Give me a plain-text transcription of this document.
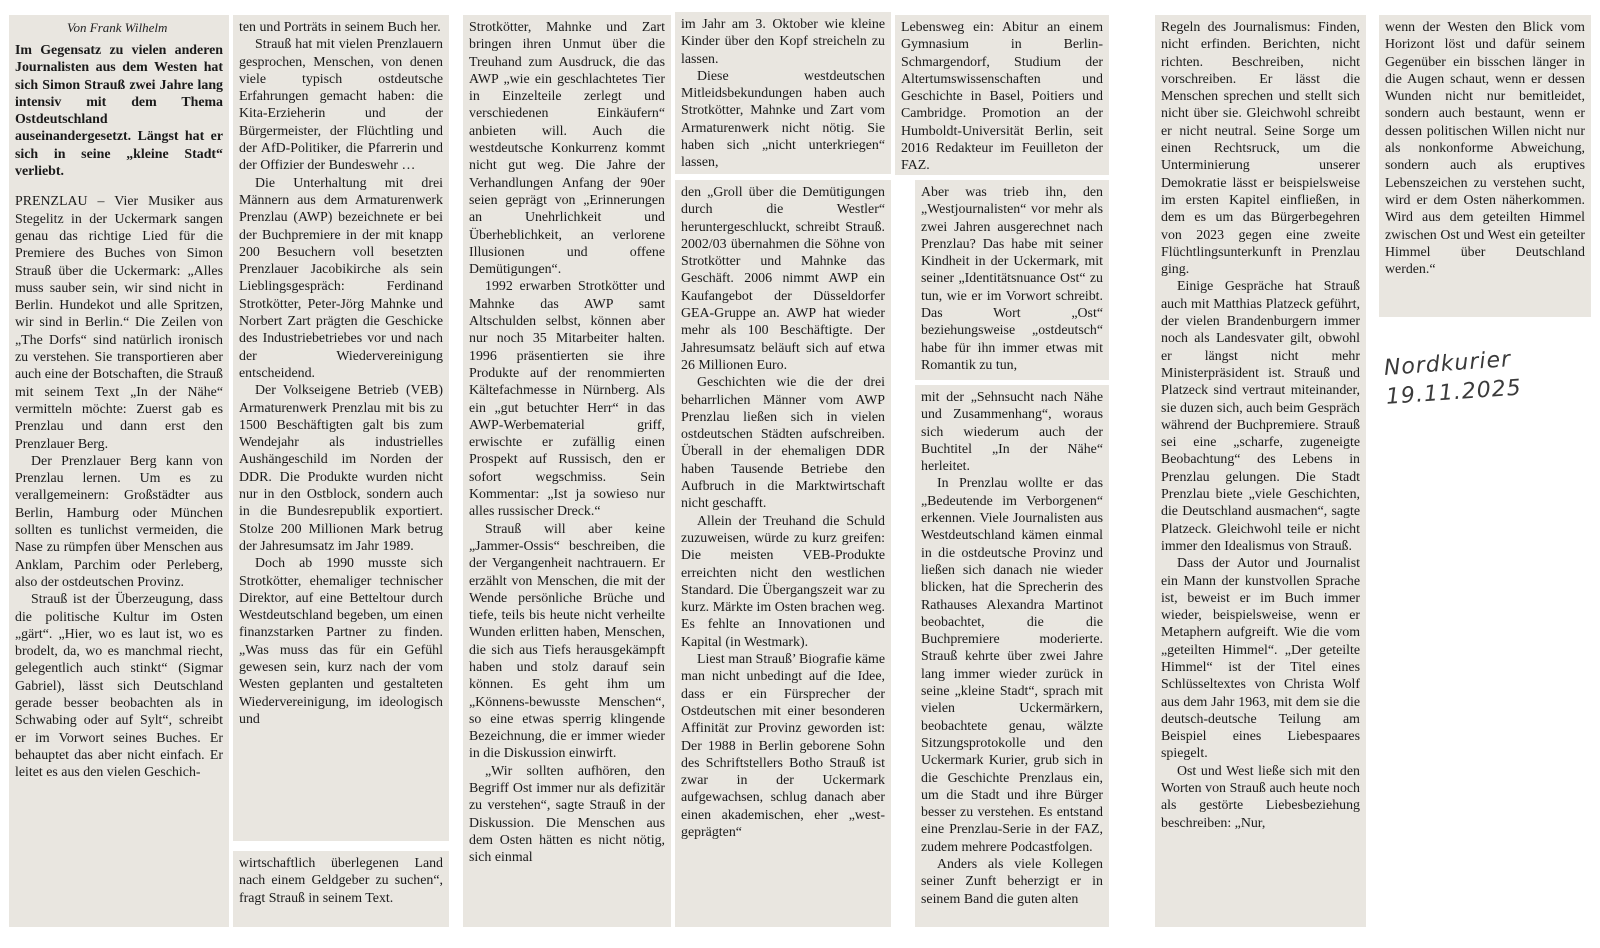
Von Frank Wilhelm
Im Gegensatz zu vielen anderen Journalisten aus dem Westen hat sich Simon Strauß zwei Jahre lang intensiv mit dem Thema Ostdeutschland auseinandergesetzt. Längst hat er sich in seine „kleine Stadt“ verliebt.

PRENZLAU – Vier Musiker aus Stegelitz in der Uckermark sangen genau das richtige Lied für die Premiere des Buches von Simon Strauß über die Uckermark: „Alles muss sauber sein, wir sind nicht in Berlin. Hundekot und alle Spritzen, wir sind in Berlin.“ Die Zeilen von „The Dorfs“ sind natürlich ironisch zu verstehen. Sie transportieren aber auch eine der Botschaften, die Strauß mit seinem Text „In der Nähe“ vermitteln möchte: Zuerst gab es Prenzlau und dann erst den Prenzlauer Berg.

Der Prenzlauer Berg kann von Prenzlau lernen. Um es zu verallgemeinern: Großstädter aus Berlin, Hamburg oder München sollten es tunlichst vermeiden, die Nase zu rümpfen über Menschen aus Anklam, Parchim oder Perleberg, also der ostdeutschen Provinz.

Strauß ist der Überzeugung, dass die politische Kultur im Osten „gärt“. „Hier, wo es laut ist, wo es brodelt, da, wo es manchmal riecht, gelegentlich auch stinkt“ (Sigmar Gabriel), lässt sich Deutschland gerade besser beobachten als in Schwabing oder auf Sylt“, schreibt er im Vorwort seines Buches. Er behauptet das aber nicht einfach. Er leitet es aus den vielen Geschich-

ten und Porträts in seinem Buch her.

Strauß hat mit vielen Prenzlauern gesprochen, Menschen, von denen viele typisch ostdeutsche Erfahrungen gemacht haben: die Kita-Erzieherin und der Bürgermeister, der Flüchtling und der AfD-Politiker, die Pfarrerin und der Offizier der Bundeswehr …

Die Unterhaltung mit drei Männern aus dem Armaturenwerk Prenzlau (AWP) bezeichnete er bei der Buchpremiere in der mit knapp 200 Besuchern voll besetzten Prenzlauer Jacobikirche als sein Lieblingsgespräch: Ferdinand Strotkötter, Peter-Jörg Mahnke und Norbert Zart prägten die Geschicke des Industriebetriebes vor und nach der Wiedervereinigung entscheidend.

Der Volkseigene Betrieb (VEB) Armaturenwerk Prenzlau mit bis zu 1500 Beschäftigten galt bis zum Wendejahr als industrielles Aushängeschild im Norden der DDR. Die Produkte wurden nicht nur in den Ostblock, sondern auch in die Bundesrepublik exportiert. Stolze 200 Millionen Mark betrug der Jahresumsatz im Jahr 1989.

Doch ab 1990 musste sich Strotkötter, ehemaliger technischer Direktor, auf eine Betteltour durch Westdeutschland begeben, um einen finanzstarken Partner zu finden. „Was muss das für ein Gefühl gewesen sein, kurz nach der vom Westen geplanten und gestalteten Wiedervereinigung, im ideologisch und

wirtschaftlich überlegenen Land nach einem Geldgeber zu suchen“, fragt Strauß in seinem Text.

Strotkötter, Mahnke und Zart bringen ihren Unmut über die Treuhand zum Ausdruck, die das AWP „wie ein geschlachtetes Tier in Einzelteile zerlegt und verschiedenen Einkäufern“ anbieten will. Auch die westdeutsche Konkurrenz kommt nicht gut weg. Die Jahre der Verhandlungen Anfang der 90er seien geprägt von „Erinnerungen an Unehrlichkeit und Überheblichkeit, an verlorene Illusionen und offene Demütigungen“.

1992 erwarben Strotkötter und Mahnke das AWP samt Altschulden selbst, können aber nur noch 35 Mitarbeiter halten. 1996 präsentierten sie ihre Produkte auf der renommierten Kältefachmesse in Nürnberg. Als ein „gut betuchter Herr“ in das AWP-Werbematerial griff, erwischte er zufällig einen Prospekt auf Russisch, den er sofort wegschmiss. Sein Kommentar: „Ist ja sowieso nur alles russischer Dreck.“

Strauß will aber keine „Jammer-Ossis“ beschreiben, die der Vergangenheit nachtrauern. Er erzählt von Menschen, die mit der Wende persönliche Brüche und tiefe, teils bis heute nicht verheilte Wunden erlitten haben, Menschen, die sich aus Tiefs herausgekämpft haben und stolz darauf sein können. Es geht ihm um „Könnens-bewusste Menschen“, so eine etwas sperrig klingende Bezeichnung, die er immer wieder in die Diskussion einwirft.

„Wir sollten aufhören, den Begriff Ost immer nur als defizitär zu verstehen“, sagte Strauß in der Diskussion. Die Menschen aus dem Osten hätten es nicht nötig, sich einmal

im Jahr am 3. Oktober wie kleine Kinder über den Kopf streicheln zu lassen.

Diese westdeutschen Mitleidsbekundungen haben auch Strotkötter, Mahnke und Zart vom Armaturenwerk nicht nötig. Sie haben sich „nicht unterkriegen“ lassen,

den „Groll über die Demütigungen durch die Westler“ heruntergeschluckt, schreibt Strauß. 2002/03 übernahmen die Söhne von Strotkötter und Mahnke das Geschäft. 2006 nimmt AWP ein Kaufangebot der Düsseldorfer GEA-Gruppe an. AWP hat wieder mehr als 100 Beschäftigte. Der Jahresumsatz beläuft sich auf etwa 26 Millionen Euro.

Geschichten wie die der drei beharrlichen Männer vom AWP Prenzlau ließen sich in vielen ostdeutschen Städten aufschreiben. Überall in der ehemaligen DDR haben Tausende Betriebe den Aufbruch in die Marktwirtschaft nicht geschafft.

Allein der Treuhand die Schuld zuzuweisen, würde zu kurz greifen: Die meisten VEB-Produkte erreichten nicht den westlichen Standard. Die Übergangszeit war zu kurz. Märkte im Osten brachen weg. Es fehlte an Innovationen und Kapital (in Westmark).

Liest man Strauß’ Biografie käme man nicht unbedingt auf die Idee, dass er ein Fürsprecher der Ostdeutschen mit einer besonderen Affinität zur Provinz geworden ist: Der 1988 in Berlin geborene Sohn des Schriftstellers Botho Strauß ist zwar in der Uckermark aufgewachsen, schlug danach aber einen akademischen, eher „west-geprägten“

Lebensweg ein: Abitur an einem Gymnasium in Berlin-Schmargendorf, Studium der Altertumswissenschaften und Geschichte in Basel, Poitiers und Cambridge. Promotion an der Humboldt-Universität Berlin, seit 2016 Redakteur im Feuilleton der FAZ.

Aber was trieb ihn, den „Westjournalisten“ vor mehr als zwei Jahren ausgerechnet nach Prenzlau? Das habe mit seiner Kindheit in der Uckermark, mit seiner „Identitätsnuance Ost“ zu tun, wie er im Vorwort schreibt. Das Wort „Ost“ beziehungsweise „ostdeutsch“ habe für ihn immer etwas mit Romantik zu tun,

mit der „Sehnsucht nach Nähe und Zusammenhang“, woraus sich wiederum auch der Buchtitel „In der Nähe“ herleitet.

In Prenzlau wollte er das „Bedeutende im Verborgenen“ erkennen. Viele Journalisten aus Westdeutschland kämen einmal in die ostdeutsche Provinz und ließen sich danach nie wieder blicken, hat die Sprecherin des Rathauses Alexandra Martinot beobachtet, die die Buchpremiere moderierte. Strauß kehrte über zwei Jahre lang immer wieder zurück in seine „kleine Stadt“, sprach mit vielen Uckermärkern, beobachtete genau, wälzte Sitzungsprotokolle und den Uckermark Kurier, grub sich in die Geschichte Prenzlaus ein, um die Stadt und ihre Bürger besser zu verstehen. Es entstand eine Prenzlau-Serie in der FAZ, zudem mehrere Podcastfolgen.

Anders als viele Kollegen seiner Zunft beherzigt er in seinem Band die guten alten

Regeln des Journalismus: Finden, nicht erfinden. Berichten, nicht richten. Beschreiben, nicht vorschreiben. Er lässt die Menschen sprechen und stellt sich nicht über sie. Gleichwohl schreibt er nicht neutral. Seine Sorge um einen Rechtsruck, um die Unterminierung unserer Demokratie lässt er beispielsweise im ersten Kapitel einfließen, in dem es um das Bürgerbegehren von 2023 gegen eine zweite Flüchtlingsunterkunft in Prenzlau ging.

Einige Gespräche hat Strauß auch mit Matthias Platzeck geführt, der vielen Brandenburgern immer noch als Landesvater gilt, obwohl er längst nicht mehr Ministerpräsident ist. Strauß und Platzeck sind vertraut miteinander, sie duzen sich, auch beim Gespräch während der Buchpremiere. Strauß sei eine „scharfe, zugeneigte Beobachtung“ des Lebens in Prenzlau gelungen. Die Stadt Prenzlau biete „viele Geschichten, die Deutschland ausmachen“, sagte Platzeck. Gleichwohl teile er nicht immer den Idealismus von Strauß.

Dass der Autor und Journalist ein Mann der kunstvollen Sprache ist, beweist er im Buch immer wieder, beispielsweise, wenn er Metaphern aufgreift. Wie die vom „geteilten Himmel“. „Der geteilte Himmel“ ist der Titel eines Schlüsseltextes von Christa Wolf aus dem Jahr 1963, mit dem sie die deutsch-deutsche Teilung am Beispiel eines Liebespaares spiegelt.

Ost und West ließe sich mit den Worten von Strauß auch heute noch als gestörte Liebesbeziehung beschreiben: „Nur,

wenn der Westen den Blick vom Horizont löst und dafür seinem Gegenüber ein bisschen länger in die Augen schaut, wenn er dessen Wunden nicht nur bemitleidet, sondern auch bestaunt, wenn er dessen politischen Willen nicht nur als nonkonforme Abweichung, sondern auch als eruptives Lebenszeichen zu verstehen sucht, wird er dem Osten näherkommen. Wird aus dem geteilten Himmel zwischen Ost und West ein geteilter Himmel über Deutschland werden.“

Nordkurier
19.11.2025
